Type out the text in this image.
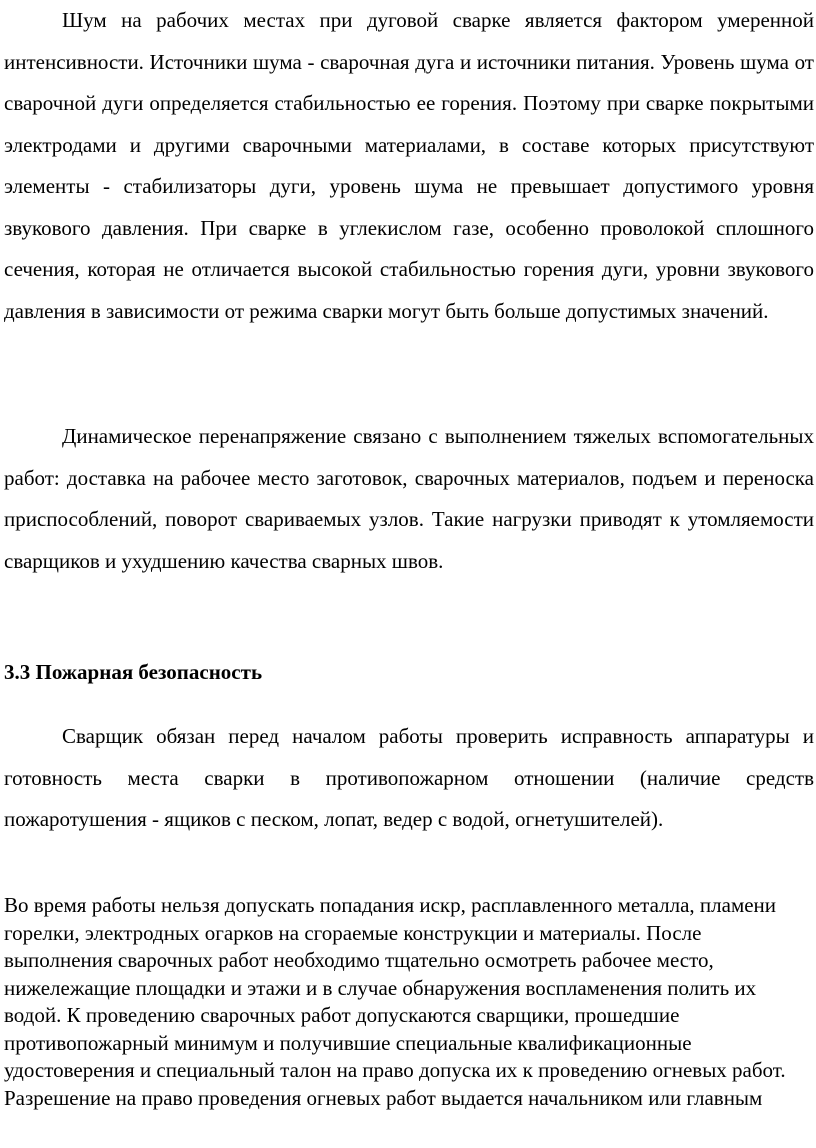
Шум на рабочих местах при дуговой сварке является фактором умеренной интенсивности. Источники шума - сварочная дуга и источники питания. Уровень шума от сварочной дуги определяется стабильностью ее горения. Поэтому при сварке покрытыми электродами и другими сварочными материалами, в составе которых присутствуют элементы - стабилизаторы дуги, уровень шума не превышает допустимого уровня звукового давления. При сварке в углекислом газе, особенно проволокой сплошного сечения, которая не отличается высокой стабильностью горения дуги, уровни звукового давления в зависимости от режима сварки могут быть больше допустимых значений.

Динамическое перенапряжение связано с выполнением тяжелых вспомогательных работ: доставка на рабочее место заготовок, сварочных материалов, подъем и переноска приспособлений, поворот свариваемых узлов. Такие нагрузки приводят к утомляемости сварщиков и ухудшению качества сварных швов.

3.3 Пожарная безопасность

Сварщик обязан перед началом работы проверить исправность аппаратуры и готовность места сварки в противопожарном отношении (наличие средств пожаротушения - ящиков с песком, лопат, ведер с водой, огнетушителей).

Во время работы нельзя допускать попадания искр, расплавленного металла, пламени горелки, электродных огарков на сгораемые конструкции и материалы. После выполнения сварочных работ необходимо тщательно осмотреть рабочее место, нижележащие площадки и этажи и в случае обнаружения воспламенения полить их водой. К проведению сварочных работ допускаются сварщики, прошедшие противопожарный минимум и получившие специальные квалификационные удостоверения и специальный талон на право допуска их к проведению огневых работ. Разрешение на право проведения огневых работ выдается начальником или главным
